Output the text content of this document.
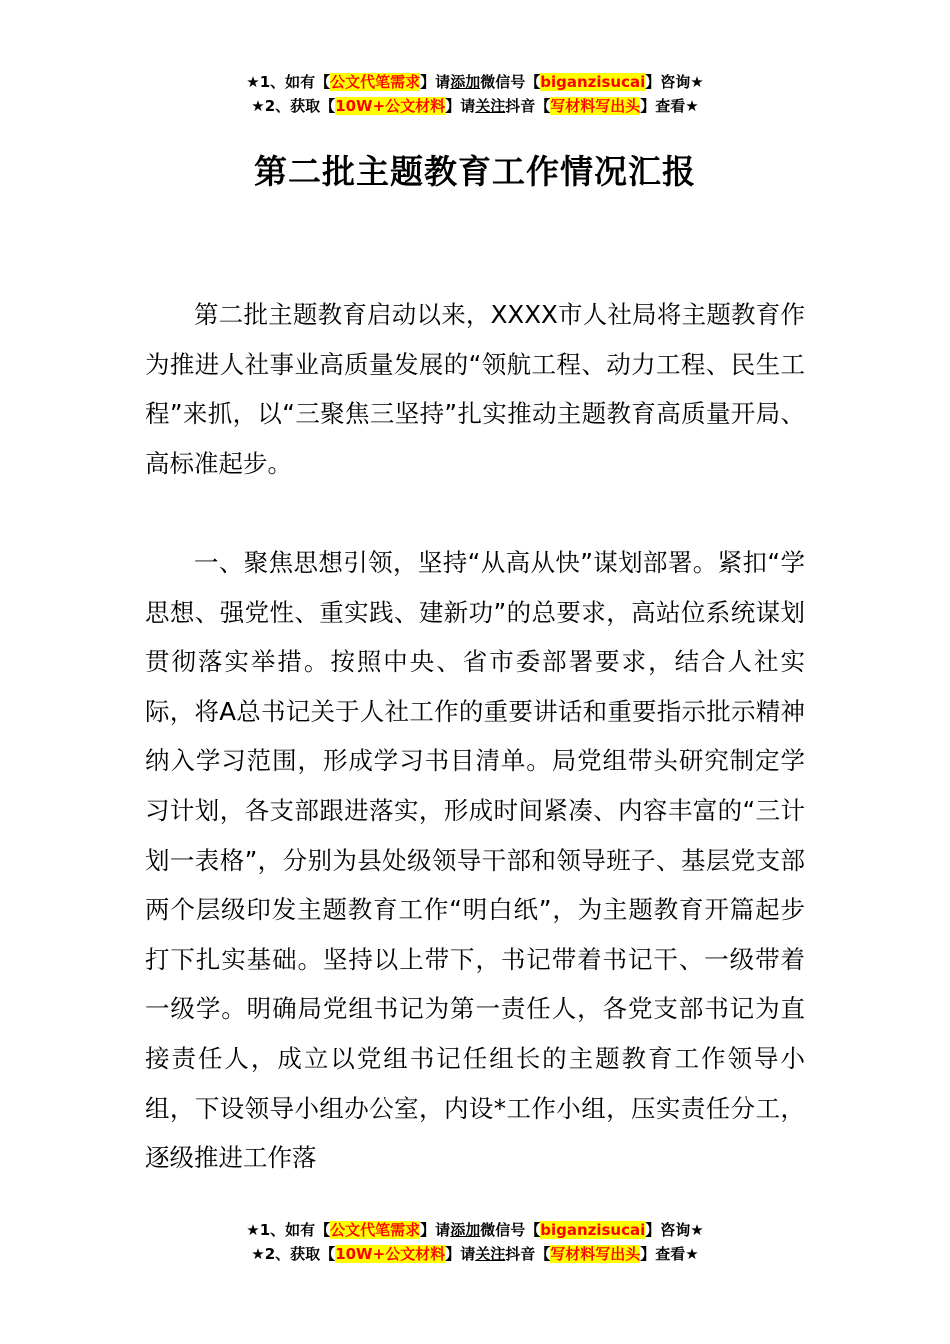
★1、如有【公文代笔需求】请添加微信号【biganzisucai】咨询★
★2、获取【10W+公文材料】请关注抖音【写材料写出头】查看★
第二批主题教育工作情况汇报

第二批主题教育启动以来，XXXX市人社局将主题教育作为推进人社事业高质量发展的“领航工程、动力工程、民生工程”来抓，以“三聚焦三坚持”扎实推动主题教育高质量开局、高标准起步。

一、聚焦思想引领，坚持“从高从快”谋划部署。紧扣“学思想、强党性、重实践、建新功”的总要求，高站位系统谋划贯彻落实举措。按照中央、省市委部署要求，结合人社实际，将A总书记关于人社工作的重要讲话和重要指示批示精神纳入学习范围，形成学习书目清单。局党组带头研究制定学习计划，各支部跟进落实，形成时间紧凑、内容丰富的“三计划一表格”，分别为县处级领导干部和领导班子、基层党支部两个层级印发主题教育工作“明白纸”，为主题教育开篇起步打下扎实基础。坚持以上带下，书记带着书记干、一级带着一级学。明确局党组书记为第一责任人，各党支部书记为直接责任人，成立以党组书记任组长的主题教育工作领导小组，下设领导小组办公室，内设*工作小组，压实责任分工，逐级推进工作落

★1、如有【公文代笔需求】请添加微信号【biganzisucai】咨询★
★2、获取【10W+公文材料】请关注抖音【写材料写出头】查看★
